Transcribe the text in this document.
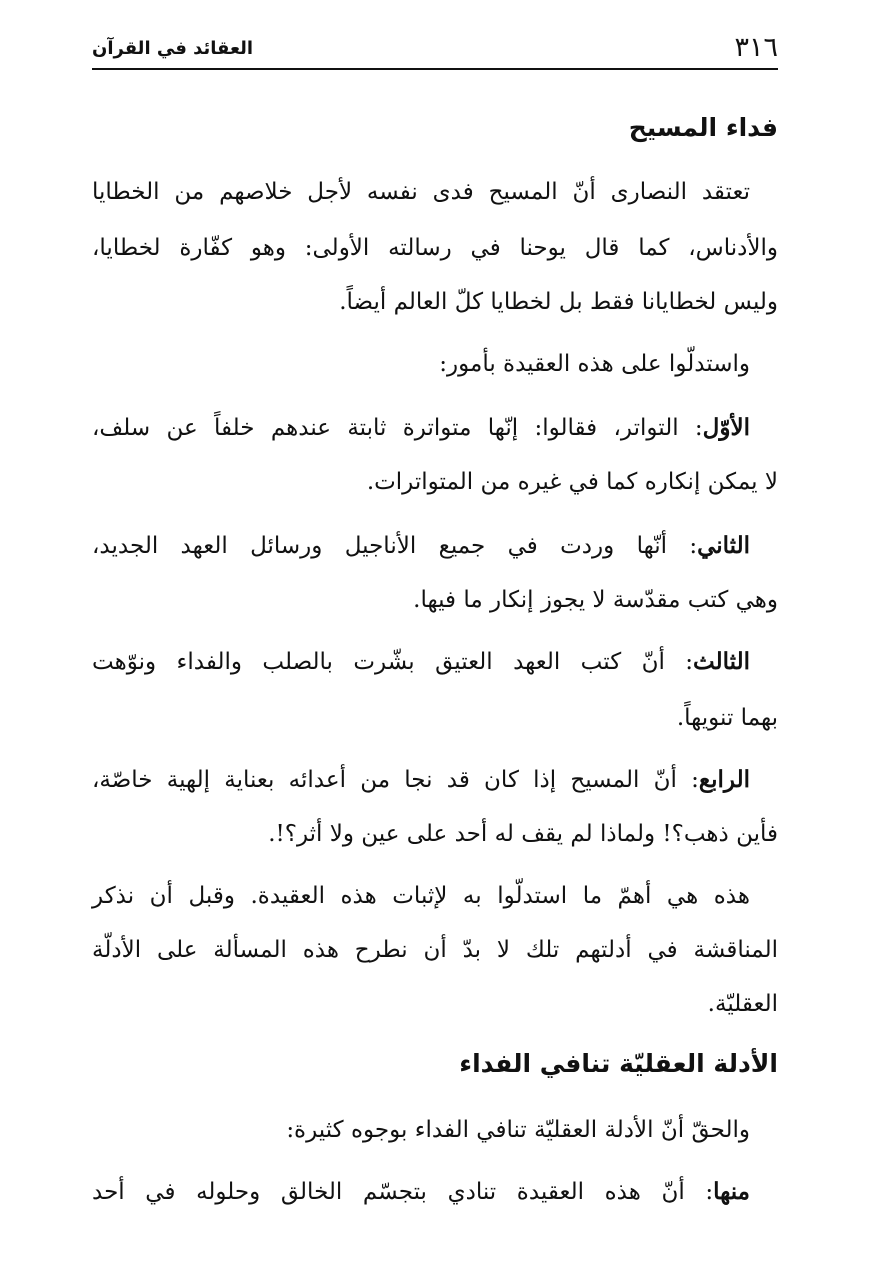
٣١٦
العقائد في القرآن
فداء المسيح
تعتقد النصارى أنّ المسيح فدى نفسه لأجل خلاصهم من الخطايا
والأدناس، كما قال يوحنا في رسالته الأولى: وهو كفّارة لخطايا،
وليس لخطايانا فقط بل لخطايا كلّ العالم أيضاً.
واستدلّوا على هذه العقيدة بأمور:
الأوّل: التواتر، فقالوا: إنّها متواترة ثابتة عندهم خلفاً عن سلف،
لا يمكن إنكاره كما في غيره من المتواترات.
الثاني: أنّها وردت في جميع الأناجيل ورسائل العهد الجديد،
وهي كتب مقدّسة لا يجوز إنكار ما فيها.
الثالث: أنّ كتب العهد العتيق بشّرت بالصلب والفداء ونوّهت
بهما تنويهاً.
الرابع: أنّ المسيح إذا كان قد نجا من أعدائه بعناية إلهية خاصّة،
فأين ذهب؟! ولماذا لم يقف له أحد على عين ولا أثر؟!.
هذه هي أهمّ ما استدلّوا به لإثبات هذه العقيدة. وقبل أن نذكر
المناقشة في أدلتهم تلك لا بدّ أن نطرح هذه المسألة على الأدلّة
العقليّة.
الأدلة العقليّة تنافي الفداء
والحقّ أنّ الأدلة العقليّة تنافي الفداء بوجوه كثيرة:
منها: أنّ هذه العقيدة تنادي بتجسّم الخالق وحلوله في أحد
